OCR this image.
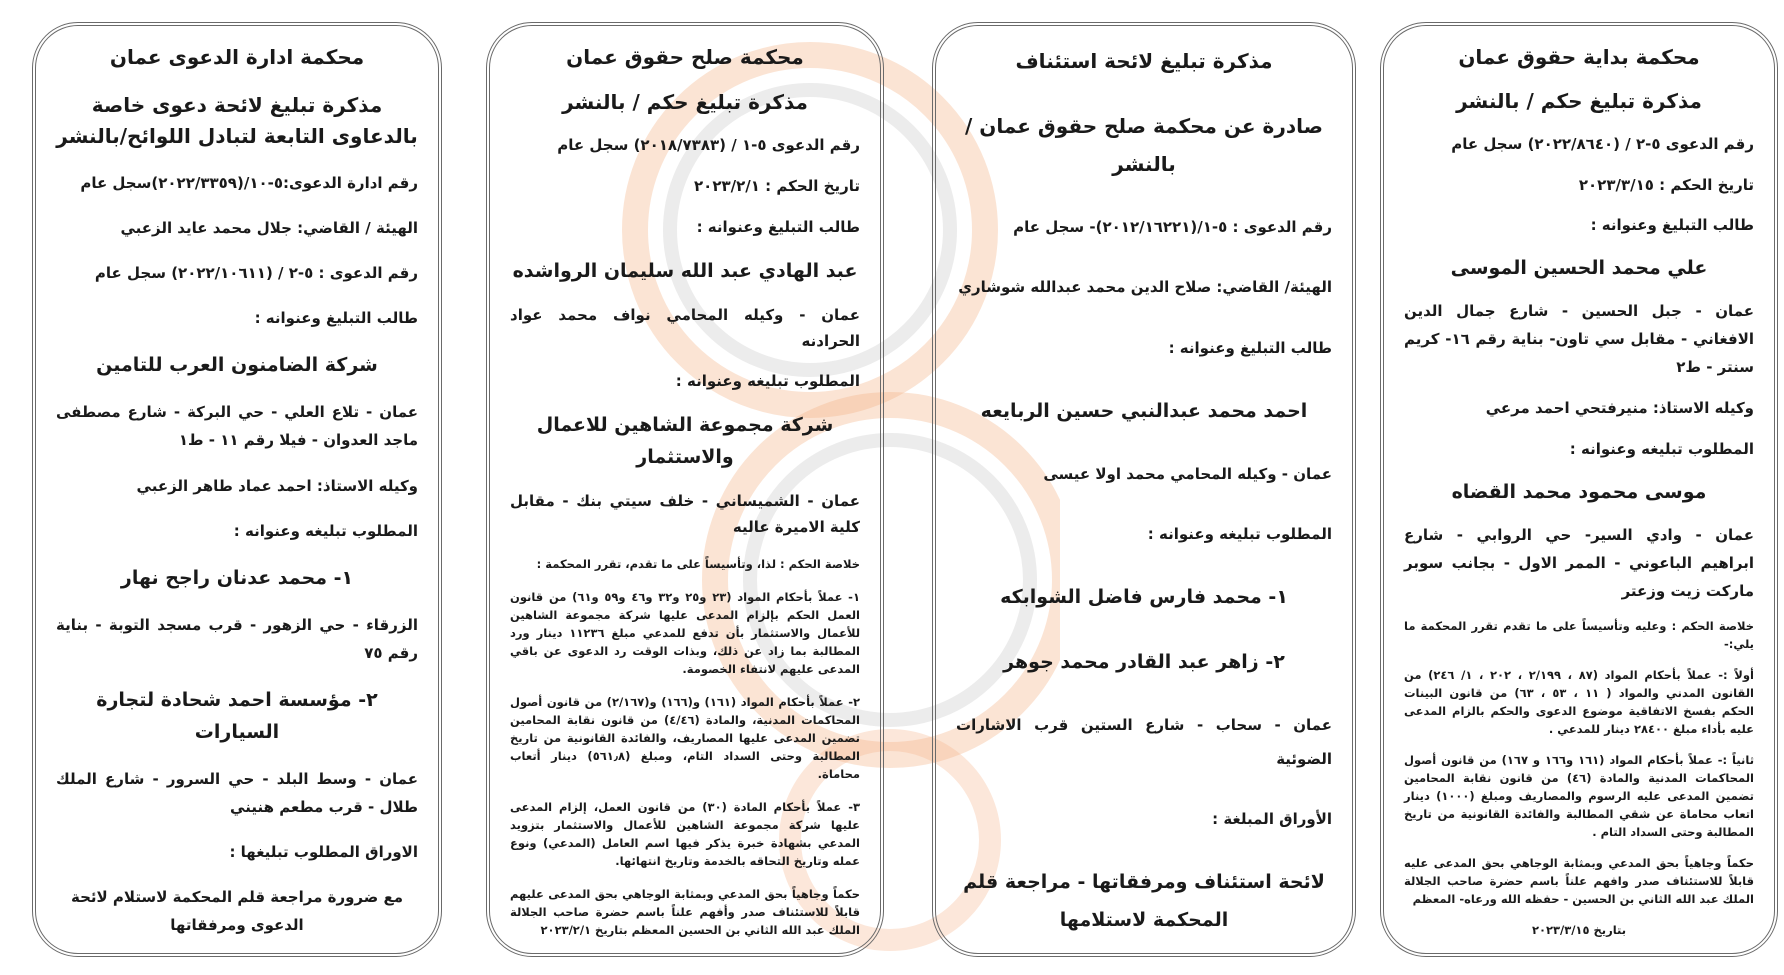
محكمة ادارة الدعوى عمان

مذكرة تبليغ لائحة دعوى خاصة بالدعاوى التابعة لتبادل اللوائح/بالنشر

رقم ادارة الدعوى:٥-١٠/(٢٠٢٢/٣٣٥٩)سجل عام

الهيئة / القاضي: جلال محمد عايد الزعبي

رقم الدعوى : ٥-٢ / (٢٠٢٢/١٠٦١١) سجل عام

طالب التبليغ وعنوانه :

شركة الضامنون العرب للتامين

عمان - تلاع العلي - حي البركة - شارع مصطفى ماجد العدوان - فيلا رقم ١١ - ط١

وكيله الاستاذ: احمد عماد طاهر الزعبي

المطلوب تبليغه وعنوانه :

١- محمد عدنان راجح نهار

الزرقاء - حي الزهور - قرب مسجد التوبة - بناية رقم ٧٥

٢- مؤسسة احمد شحادة لتجارة السيارات

عمان - وسط البلد - حي السرور - شارع الملك طلال - قرب مطعم هنيني

الاوراق المطلوب تبليغها :

مع ضرورة مراجعة قلم المحكمة لاستلام لائحة الدعوى ومرفقاتها

محكمة صلح حقوق عمان

مذكرة تبليغ حكم / بالنشر

رقم الدعوى ٥-١ / (٢٠١٨/٧٣٨٣) سجل عام

تاريخ الحكم : ٢٠٢٣/٢/١

طالب التبليغ وعنوانه :

عبد الهادي عبد الله سليمان الرواشده

عمان - وكيله المحامي نواف محمد عواد الحرادنه

المطلوب تبليغه وعنوانه :

شركة مجموعة الشاهين للاعمال والاستثمار

عمان - الشميساني - خلف سيتي بنك - مقابل كلية الاميرة عاليه

خلاصة الحكم : لذا، وتأسيساً على ما تقدم، تقرر المحكمة :

١- عملاً بأحكام المواد (٢٣ و٢٥ و٣٢ و٤٦ و٥٩ و٦١) من قانون العمل الحكم بإلزام المدعى عليها شركة مجموعة الشاهين للأعمال والاستثمار بأن تدفع للمدعي مبلغ ١١٢٣٦ دينار ورد المطالبة بما زاد عن ذلك، وبذات الوقت رد الدعوى عن باقي المدعى عليهم لانتفاء الخصومة.

٢- عملاً بأحكام المواد (١٦١) و(١٦٦) و(٢/١٦٧) من قانون أصول المحاكمات المدنية، والمادة (٤/٤٦) من قانون نقابة المحامين تضمين المدعى عليها المصاريف، والفائدة القانونية من تاريخ المطالبة وحتى السداد التام، ومبلغ (٥٦١٫٨) دينار أتعاب محاماة.

٣- عملاً بأحكام المادة (٣٠) من قانون العمل، إلزام المدعى عليها شركة مجموعة الشاهين للأعمال والاستثمار بتزويد المدعي بشهادة خبرة يذكر فيها اسم العامل (المدعي) ونوع عمله وتاريخ التحاقه بالخدمة وتاريخ انتهائها.

حكماً وجاهياً بحق المدعي وبمثابة الوجاهي بحق المدعى عليهم قابلاً للاستئناف صدر وأفهم علناً باسم حضرة صاحب الجلالة الملك عبد الله الثاني بن الحسين المعظم بتاريخ ٢٠٢٣/٢/١

مذكرة تبليغ لائحة استئناف

صادرة عن محكمة صلح حقوق عمان / بالنشر

رقم الدعوى : ٥-١/(٢٠١٢/١٦٢٢١)- سجل عام

الهيئة/ القاضي: صلاح الدين محمد عبدالله شوشاري

طالب التبليغ وعنوانه :

احمد محمد عبدالنبي حسين الربايعه

عمان - وكيله المحامي محمد اولا عيسى

المطلوب تبليغه وعنوانه :

١- محمد فارس فاضل الشوابكه

٢- زاهر عبد القادر محمد جوهر

عمان - سحاب - شارع الستين قرب الاشارات الضوئية

الأوراق المبلغة :

لائحة استئناف ومرفقاتها - مراجعة قلم المحكمة لاستلامها

محكمة بداية حقوق عمان

مذكرة تبليغ حكم / بالنشر

رقم الدعوى ٥-٢ / (٢٠٢٢/٨٦٤٠) سجل عام

تاريخ الحكم : ٢٠٢٣/٣/١٥

طالب التبليغ وعنوانه :

علي محمد الحسين الموسى

عمان - جبل الحسين - شارع جمال الدين الافغاني - مقابل سي تاون- بناية رقم ١٦- كريم سنتر - ط٢

وكيله الاستاذ: منيرفتحي احمد مرعي

المطلوب تبليغه وعنوانه :

موسى محمود محمد القضاه

عمان - وادي السير- حي الروابي - شارع ابراهيم الباعوني - الممر الاول - بجانب سوبر ماركت زيت وزعتر

خلاصة الحكم : وعليه وتأسيساً على ما تقدم تقرر المحكمة ما يلي:-

أولاً :- عملاً بأحكام المواد (٨٧ ، ٢/١٩٩ ، ٢٠٢ ، ١/ ٢٤٦) من القانون المدني والمواد ( ١١ ، ٥٣ ، ٦٣) من قانون البينات الحكم بفسخ الاتفاقية موضوع الدعوى والحكم بالزام المدعى عليه بأداء مبلغ ٢٨٤٠٠ دينار للمدعي .

ثانياً :- عملاً بأحكام المواد (١٦١ و١٦٦ و ١٦٧) من قانون أصول المحاكمات المدنية والمادة (٤٦) من قانون نقابة المحامين تضمين المدعى عليه الرسوم والمصاريف ومبلغ (١٠٠٠) دينار اتعاب محاماة عن شقي المطالبة والفائدة القانونية من تاريخ المطالبة وحتى السداد التام .

حكماً وجاهياً بحق المدعي وبمثابة الوجاهي بحق المدعى عليه قابلاً للاستئناف صدر وافهم علناً باسم حضرة صاحب الجلالة الملك عبد الله الثاني بن الحسين - حفظه الله ورعاه- المعظم

بتاريخ ٢٠٢٣/٣/١٥
